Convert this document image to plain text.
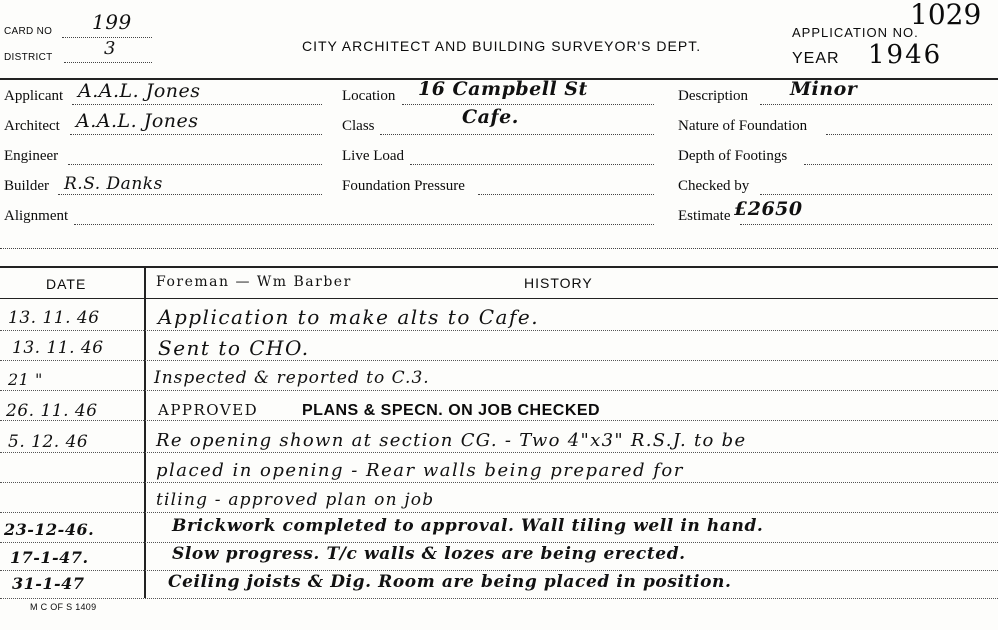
CARD NO 199
DISTRICT	3	CITY ARCHITECT AND BUILDING SURVEYOR'S DEPT.
APPLICATION NO.
1029
YEAR 1946
Applicant A.A.L. Jones
Architect A.A.L. Jones
Engineer
Builder R.S. Danks
Alignment
Location 16 Campbell St
Class	Cafe.
Live Load
Foundation Pressure
Description Minor
Nature of Foundation
Depth of Footings
Checked by
Estimate £2650
DATE	HISTORY
Foreman — Wm Barber
13. 11. 46	Application to make alts to Cafe.
13. 11. 46	Sent to CHO.
21 "	Inspected & reported to C.3.
26. 11. 46	APPROVED	PLANS & SPECN. ON JOB CHECKED
5. 12. 46	Re opening shown at section CG. - Two 4"x3" R.S.J. to be
placed in opening - Rear walls being prepared for
tiling - approved plan on job
23-12-46.	Brickwork completed to approval. Wall tiling well in hand.
17-1-47.	Slow progress. T/c walls & lozes are being erected.
31-1-47	Ceiling joists & Dig. Room are being placed in position.
M C OF S 1409
